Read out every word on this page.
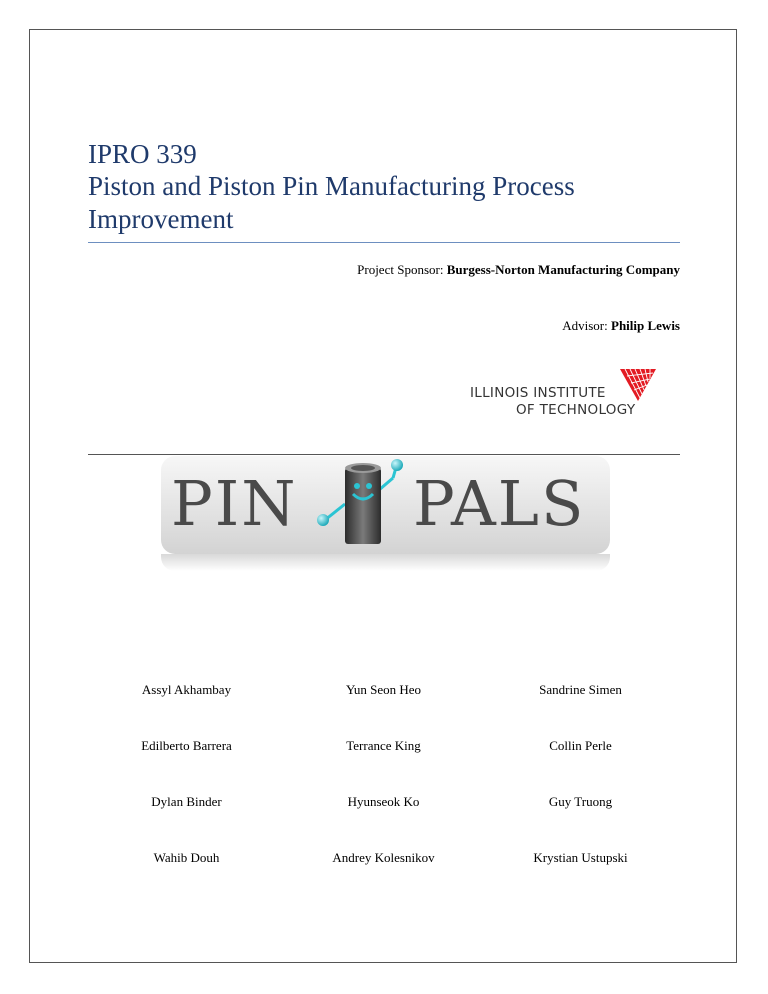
IPRO 339
Piston and Piston Pin Manufacturing Process Improvement
Project Sponsor: Burgess-Norton Manufacturing Company
Advisor: Philip Lewis
ILLINOIS INSTITUTE
OF TECHNOLOGY
PIN PALS
Assyl Akhambay	Yun Seon Heo	Sandrine Simen
Edilberto Barrera	Terrance King	Collin Perle
Dylan Binder	Hyunseok Ko	Guy Truong
Wahib Douh	Andrey Kolesnikov	Krystian Ustupski
